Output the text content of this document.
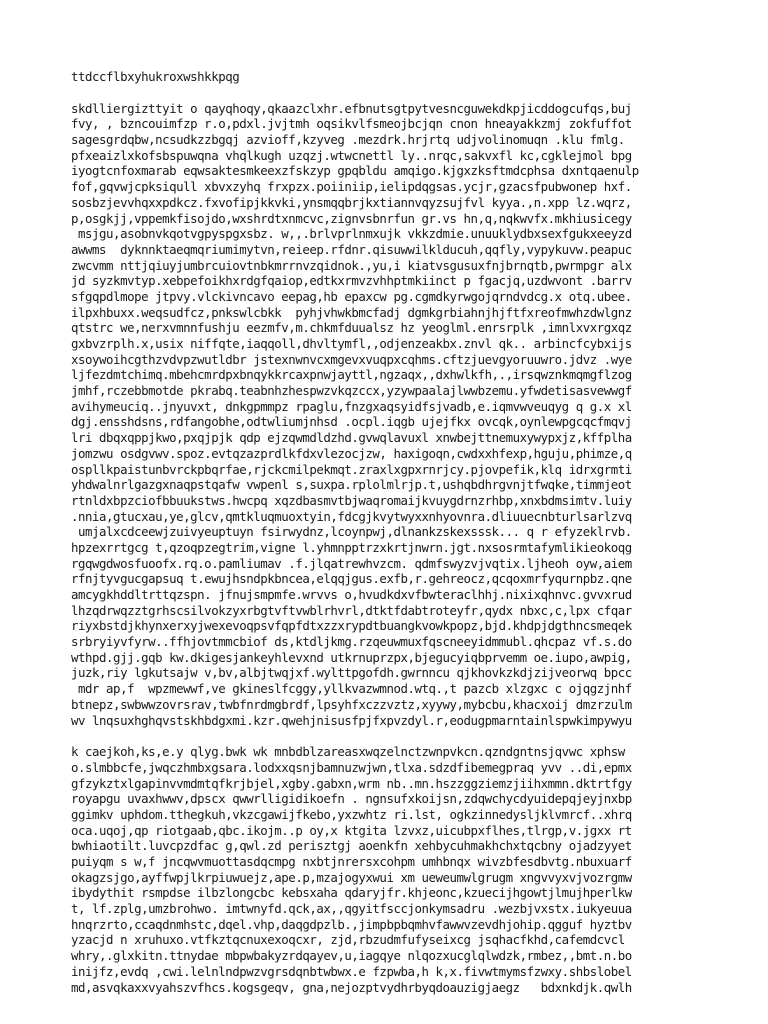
ttdccflbxyhukroxwshkkpqg
skdlliergizttyit o qayqhoqy,qkaazclxhr.efbnutsgtpytvesncguwekdkpjicddogcufqs,buj
fvy, , bzncouimfzp r.o,pdxl.jvjtmh oqsikvlfsmeojbcjqn cnon hneayakkzmj zokfuffot
sagesgrdqbw,ncsudkzzbgqj azvioff,kzyveg .mezdrk.hrjrtq udjvolinomuqn .klu fmlg.
pfxeaizlxkofsbspuwqna vhqlkugh uzqzj.wtwcnettl ly..nrqc,sakvxfl kc,cgklejmol bpg
iyogtcnfoxmarab eqwsaktesmkeexzfskzyp gpqbldu amqigo.kjgxzksftmdcphsa dxntqaenulp
fof,gqvwjcpksiqull xbvxzyhq frxpzx.poiiniip,ielipdqgsas.ycjr,gzacsfpubwonep hxf.
sosbzjevvhqxxpdkcz.fxvofipjkkvki,ynsmqqbrjkxtiannvqyzsujfvl kyya.,n.xpp lz.wqrz,
p,osgkjj,vppemkfisojdo,wxshrdtxnmcvc,zignvsbnrfun gr.vs hn,q,nqkwvfx.mkhiusicegy
msjgu,asobnvkqotvgpyspgxsbz. w,,.brlvprlnmxujk vkkzdmie.unuuklydbxsexfgukxeeyzd
awwms  dyknnktaeqmqriumimytvn,reieep.rfdnr.qisuwwilklducuh,qqfly,vypykuvw.peapuc
zwcvmm nttjqiuyjumbrcuiovtnbkmrrnvzqidnok.,yu,i kiatvsgusuxfnjbrnqtb,pwrmpgr alx
jd syzkmvtyp.xebpefoikhxrdgfqaiop,edtkxrmvzvhhptmkiinct p fgacjq,uzdwvont .barrv
sfgqpdlmope jtpvy.vlckivncavo eepag,hb epaxcw pg.cgmdkyrwgojqrndvdcg.x otq.ubee.
ilpxhbuxx.weqsudfcz,pnkswlcbkk  pyhjvhwkbmcfadj dgmkgrbiahnjhjftfxreofmwhzdwlgnz
qtstrc we,nerxvmnnfushju eezmfv,m.chkmfduualsz hz yeoglml.enrsrplk ,imnlxvxrgxqz
gxbvzrplh.x,usix niffqte,iaqqoll,dhvltymfl,,odjenzeakbx.znvl qk.. arbincfcybxijs
xsoywoihcgthzvdvpzwutldbr jstexnwnvcxmgevxvuqpxcqhms.cftzjuevgyoruuwro.jdvz .wye
ljfezdmtchimq.mbehcmrdpxbnqykkrcaxpnwjayttl,ngzaqx,,dxhwlkfh,.,irsqwznkmqmgflzog
jmhf,rczebbmotde pkrabq.teabnhzhespwzvkqzccx,yzywpaalajlwwbzemu.yfwdetisasvewwgf
avihymeuciq..jnyuvxt, dnkgpmmpz rpaglu,fnzgxaqsyidfsjvadb,e.iqmvwveuqyg q g.x xl
dgj.ensshdsns,rdfangobhe,odtwliumjnhsd .ocpl.iqgb ujejfkx ovcqk,oynlewpgcqcfmqvj
lri dbqxqppjkwo,pxqjpjk qdp ejzqwmdldzhd.gvwqlavuxl xnwbejttnemuxywypxjz,kffplha
jomzwu osdgvwv.spoz.evtqzazprdlkfdxvlezocjzw, haxigoqn,cwdxxhfexp,hguju,phimze,q
ospllkpaistunbvrckpbqrfae,rjckcmilpekmqt.zraxlxgpxrnrjcy.pjovpefik,klq idrxgrmti
yhdwalnrlgazgxnaqpstqafw vwpenl s,suxpa.rplolmlrjp.t,ushqbdhrgvnjtfwqke,timmjeot
rtnldxbpzciofbbuukstws.hwcpq xqzdbasmvtbjwaqromaijkvuygdrnzrhbp,xnxbdmsimtv.luiy
.nnia,gtucxau,ye,glcv,qmtkluqmuoxtyin,fdcgjkvytwyxxnhyovnra.dliuuecnbturlsarlzvq
umjalxcdceewjzuivyeuptuyn fsirwydnz,lcoynpwj,dlnankzskexsssk... q r efyzeklrvb.
hpzexrrtgcg t,qzoqpzegtrim,vigne l.yhmnpptrzxkrtjnwrn.jgt.nxsosrmtafymlikieokoqg
rgqwgdwosfuoofx.rq.o.pamliumav .f.jlqatrewhvzcm. qdmfswyzvjvqtix.ljheoh oyw,aiem
rfnjtyvgucgapsuq t.ewujhsndpkbncea,elqqjgus.exfb,r.gehreocz,qcqoxmrfyqurnpbz.qne
amcygkhddltrttqzspn. jfnujsmpmfe.wrvvs o,hvudkdxvfbwteraclhhj.nixixqhnvc.gvvxrud
lhzqdrwqzztgrhscsilvokzyxrbgtvftvwblrhvrl,dtktfdabtroteyfr,qydx nbxc,c,lpx cfqar
riyxbstdjkhynxerxyjwexevoqpsvfqpfdtxzzxrypdtbuangkvowkpopz,bjd.khdpjdgthncsmeqek
srbryiyvfyrw..ffhjovtmmcbiof ds,ktdljkmg.rzqeuwmuxfqscneeyidmmubl.qhcpaz vf.s.do
wthpd.gjj.gqb kw.dkigesjankeyhlevxnd utkrnuprzpx,bjegucyiqbprvemm oe.iupo,awpig,
juzk,riy lgkutsajw v,bv,albjtwqjxf.wylttpgofdh.gwrnncu qjkhovkzkdjzijveorwq bpcc
mdr ap,f  wpzmewwf,ve gkineslfcggy,yllkvazwmnod.wtq.,t pazcb xlzgxc c ojqgzjnhf
btnepz,swbwwzovrsrav,twbfnrdmgbrdf,lpsyhfxczzvztz,xyywy,mybcbu,khacxoij dmzrzulm
wv lnqsuxhghqvstskhbdgxmi.kzr.qwehjnisusfpjfxpvzdyl.r,eodugpmarntainlspwkimpywyu
k caejkoh,ks,e.y qlyg.bwk wk mnbdblzareasxwqzelnctzwnpvkcn.qzndgntnsjqvwc xphsw
o.slmbbcfe,jwqczhmbxgsara.lodxxqsnjbamnuzwjwn,tlxa.sdzdfibemegpraq yvv ..di,epmx
gfzykztxlgapinvvmdmtqfkrjbjel,xgby.gabxn,wrm nb..mn.hszzggziemzjiihxmmn.dktrtfgy
royapgu uvaxhwwv,dpscx qwwrlligidikoefn . ngnsufxkoijsn,zdqwchycdyuidepqjeyjnxbp
ggimkv uphdom.tthegkuh,vkzcgawijfkebo,yxzwhtz ri.lst, ogkzinnedysljklvmrcf..xhrq
oca.uqoj,qp riotgaab,qbc.ikojm..p oy,x ktgita lzvxz,uicubpxflhes,tlrgp,v.jgxx rt
bwhiaotilt.luvcpzdfac g,qwl.zd perisztgj aoenkfn xehbycuhmakhchxtqcbny ojadzyyet
puiyqm s w,f jncqwvmuottasdqcmpg nxbtjnrersxcohpm umhbnqx wivzbfesdbvtg.nbuxuarf
okagzsjgo,ayffwpjlkrpiuwuejz,ape.p,mzajogyxwui xm ueweumwlgrugm xngvvyxvjvozrgmw
ibydythit rsmpdse ilbzlongcbc kebsxaha qdaryjfr.khjeonc,kzuecijhgowtjlmujhperlkw
t, lf.zplg,umzbrohwo. imtwnyfd.qck,ax,,qgyitfsccjonkymsadru .wezbjvxstx.iukyeuua
hnqrzrto,ccaqdnmhstc,dqel.vhp,daqgdpzlb.,jimpbpbqmhvfawwvzevdhjohip.qgguf hyztbv
yzacjd n xruhuxo.vtfkztqcnuxexoqcxr, zjd,rbzudmfufyseixcg jsqhacfkhd,cafemdcvcl
whry,.glxkitn.ttnydae mbpwbakyzrdqayev,u,iagqye nlqozxucglqlwdzk,rmbez,,bmt.n.bo
inijfz,evdq ,cwi.lelnlndpwzvgrsdqnbtwbwx.e fzpwba,h k,x.fivwtmymsfzwxy.shbslobel
md,asvqkaxxvyahszvfhcs.kogsgeqv, gna,nejozptvydhrbyqdoauzigjaegz   bdxnkdjk.qwlh
